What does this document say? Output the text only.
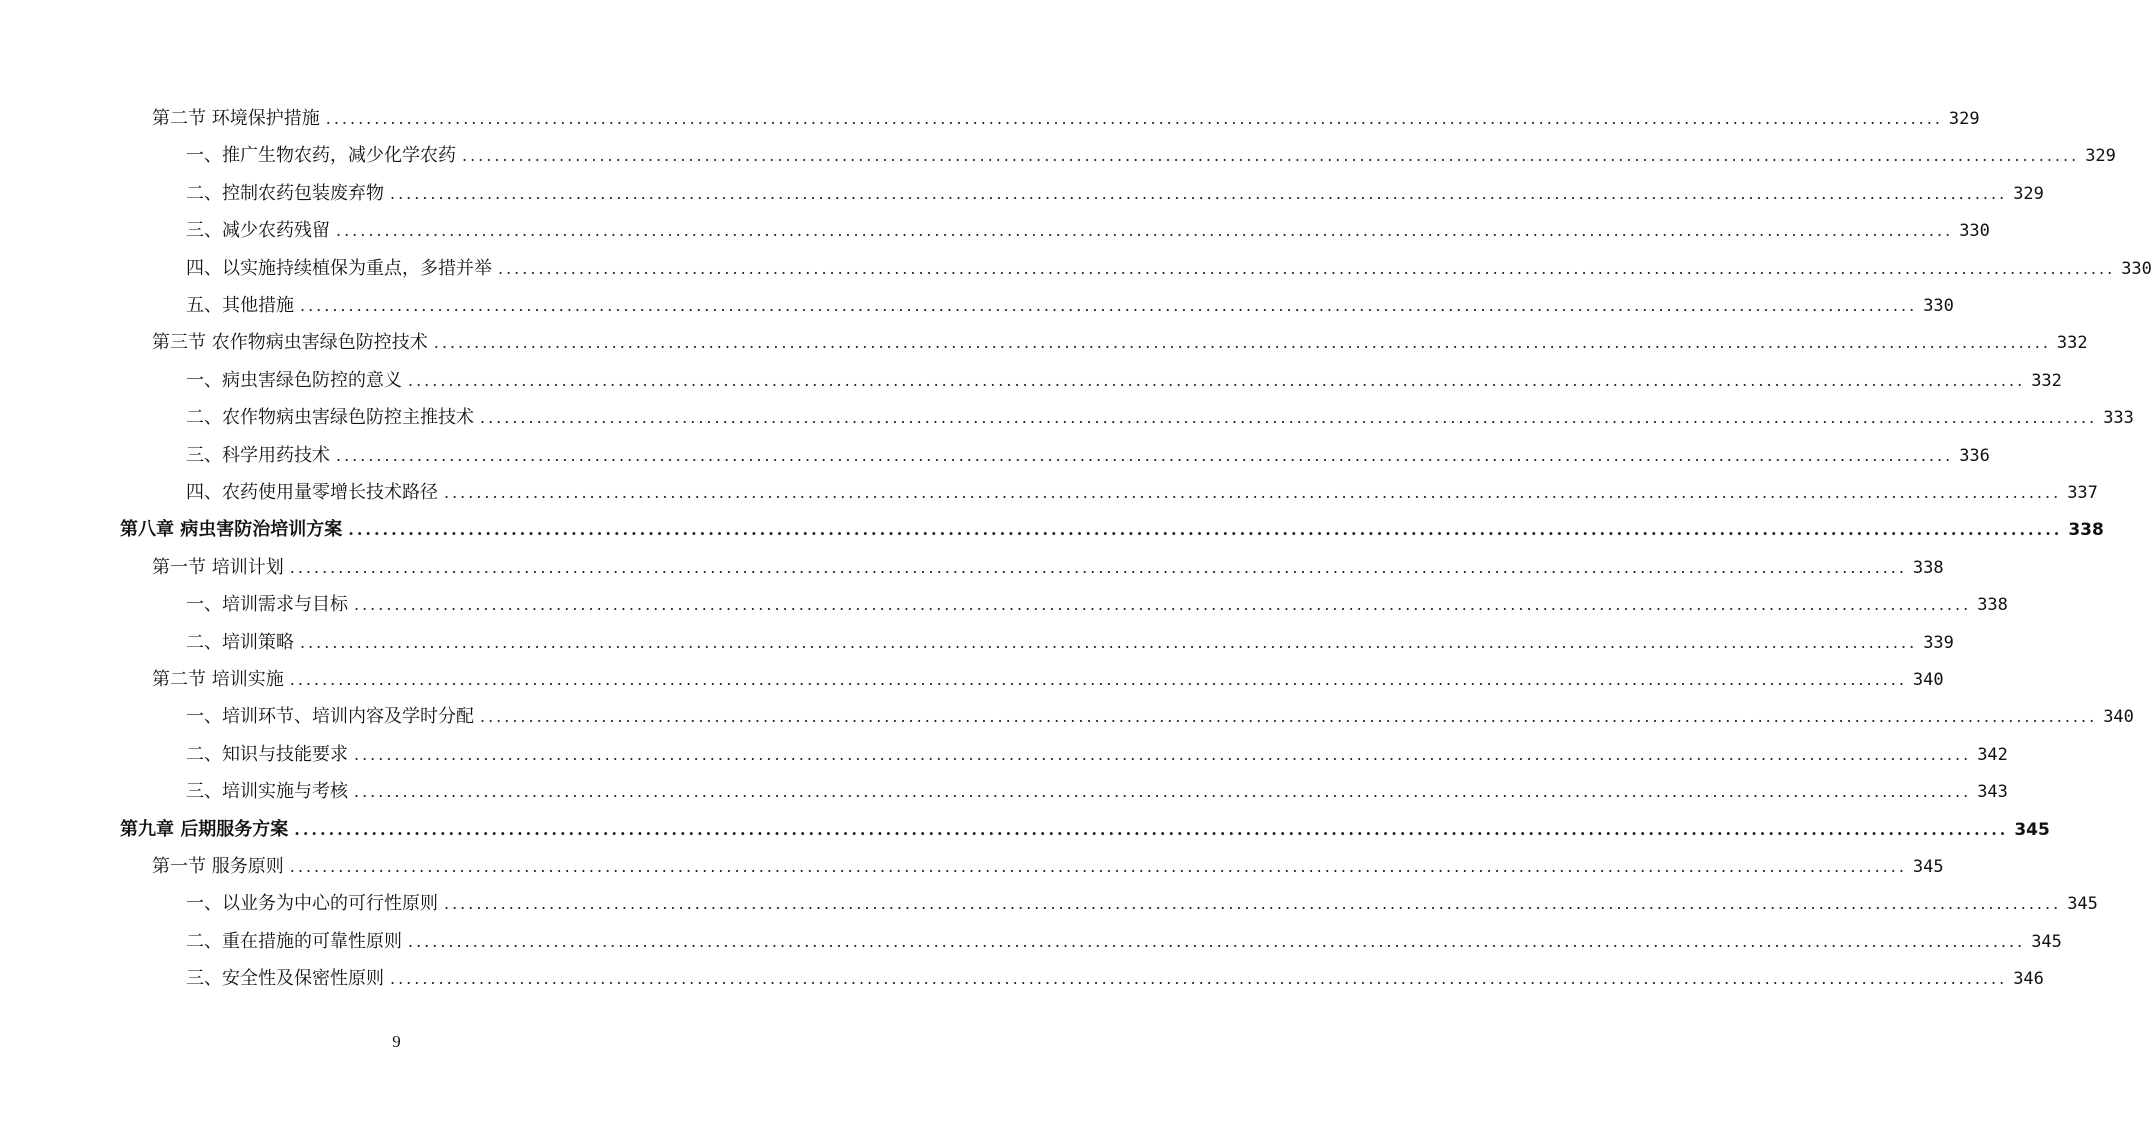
第二节 环境保护措施 ........................................................................................................................................................................................................ 329
一、推广生物农药，减少化学农药 ........................................................................................................................................................................................................ 329
二、控制农药包装废弃物 ........................................................................................................................................................................................................ 329
三、减少农药残留 ........................................................................................................................................................................................................ 330
四、以实施持续植保为重点，多措并举 ........................................................................................................................................................................................................ 330
五、其他措施 ........................................................................................................................................................................................................ 330
第三节 农作物病虫害绿色防控技术 ........................................................................................................................................................................................................ 332
一、病虫害绿色防控的意义 ........................................................................................................................................................................................................ 332
二、农作物病虫害绿色防控主推技术 ........................................................................................................................................................................................................ 333
三、科学用药技术 ........................................................................................................................................................................................................ 336
四、农药使用量零增长技术路径 ........................................................................................................................................................................................................ 337
第八章 病虫害防治培训方案 ........................................................................................................................................................................................................ 338
第一节 培训计划 ........................................................................................................................................................................................................ 338
一、培训需求与目标 ........................................................................................................................................................................................................ 338
二、培训策略 ........................................................................................................................................................................................................ 339
第二节 培训实施 ........................................................................................................................................................................................................ 340
一、培训环节、培训内容及学时分配 ........................................................................................................................................................................................................ 340
二、知识与技能要求 ........................................................................................................................................................................................................ 342
三、培训实施与考核 ........................................................................................................................................................................................................ 343
第九章 后期服务方案 ........................................................................................................................................................................................................ 345
第一节 服务原则 ........................................................................................................................................................................................................ 345
一、以业务为中心的可行性原则 ........................................................................................................................................................................................................ 345
二、重在措施的可靠性原则 ........................................................................................................................................................................................................ 345
三、安全性及保密性原则 ........................................................................................................................................................................................................ 346
9
